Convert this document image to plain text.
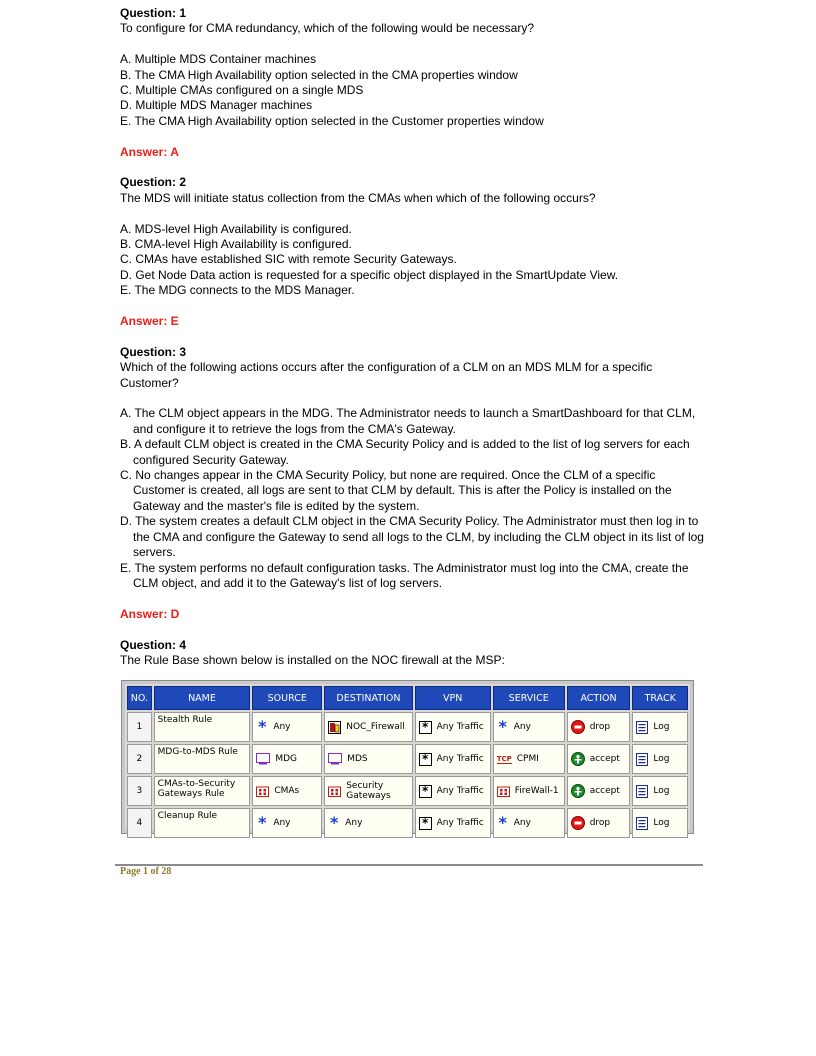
Question: 1
To configure for CMA redundancy, which of the following would be necessary?
A. Multiple MDS Container machines
B. The CMA High Availability option selected in the CMA properties window
C. Multiple CMAs configured on a single MDS
D. Multiple MDS Manager machines
E. The CMA High Availability option selected in the Customer properties window
Answer: A
Question: 2
The MDS will initiate status collection from the CMAs when which of the following occurs?
A. MDS-level High Availability is configured.
B. CMA-level High Availability is configured.
C. CMAs have established SIC with remote Security Gateways.
D. Get Node Data action is requested for a specific object displayed in the SmartUpdate View.
E. The MDG connects to the MDS Manager.
Answer: E
Question: 3
Which of the following actions occurs after the configuration of a CLM on an MDS MLM for a specific Customer?
A. The CLM object appears in the MDG. The Administrator needs to launch a SmartDashboard for that CLM, and configure it to retrieve the logs from the CMA's Gateway.
B. A default CLM object is created in the CMA Security Policy and is added to the list of log servers for each configured Security Gateway.
C. No changes appear in the CMA Security Policy, but none are required. Once the CLM of a specific Customer is created, all logs are sent to that CLM by default. This is after the Policy is installed on the Gateway and the master's file is edited by the system.
D. The system creates a default CLM object in the CMA Security Policy. The Administrator must then log in to the CMA and configure the Gateway to send all logs to the CLM, by including the CLM object in its list of log servers.
E. The system performs no default configuration tasks. The Administrator must log into the CMA, create the CLM object, and add it to the Gateway's list of log servers.
Answer: D
Question: 4
The Rule Base shown below is installed on the NOC firewall at the MSP:
NO.	NAME	SOURCE	DESTINATION	VPN	SERVICE	ACTION	TRACK
1	Stealth Rule	* Any	NOC_Firewall	* Any Traffic	* Any	drop	Log

2	MDG-to-MDS Rule	MDG	MDS	* Any Traffic	TCP CPMI	accept	Log

3	CMAs-to-Security Gateways Rule	CMAs	Security Gateways	* Any Traffic	FireWall-1	accept	Log

4	Cleanup Rule	* Any	* Any	* Any Traffic	* Any	drop	Log
Page 1 of 28
